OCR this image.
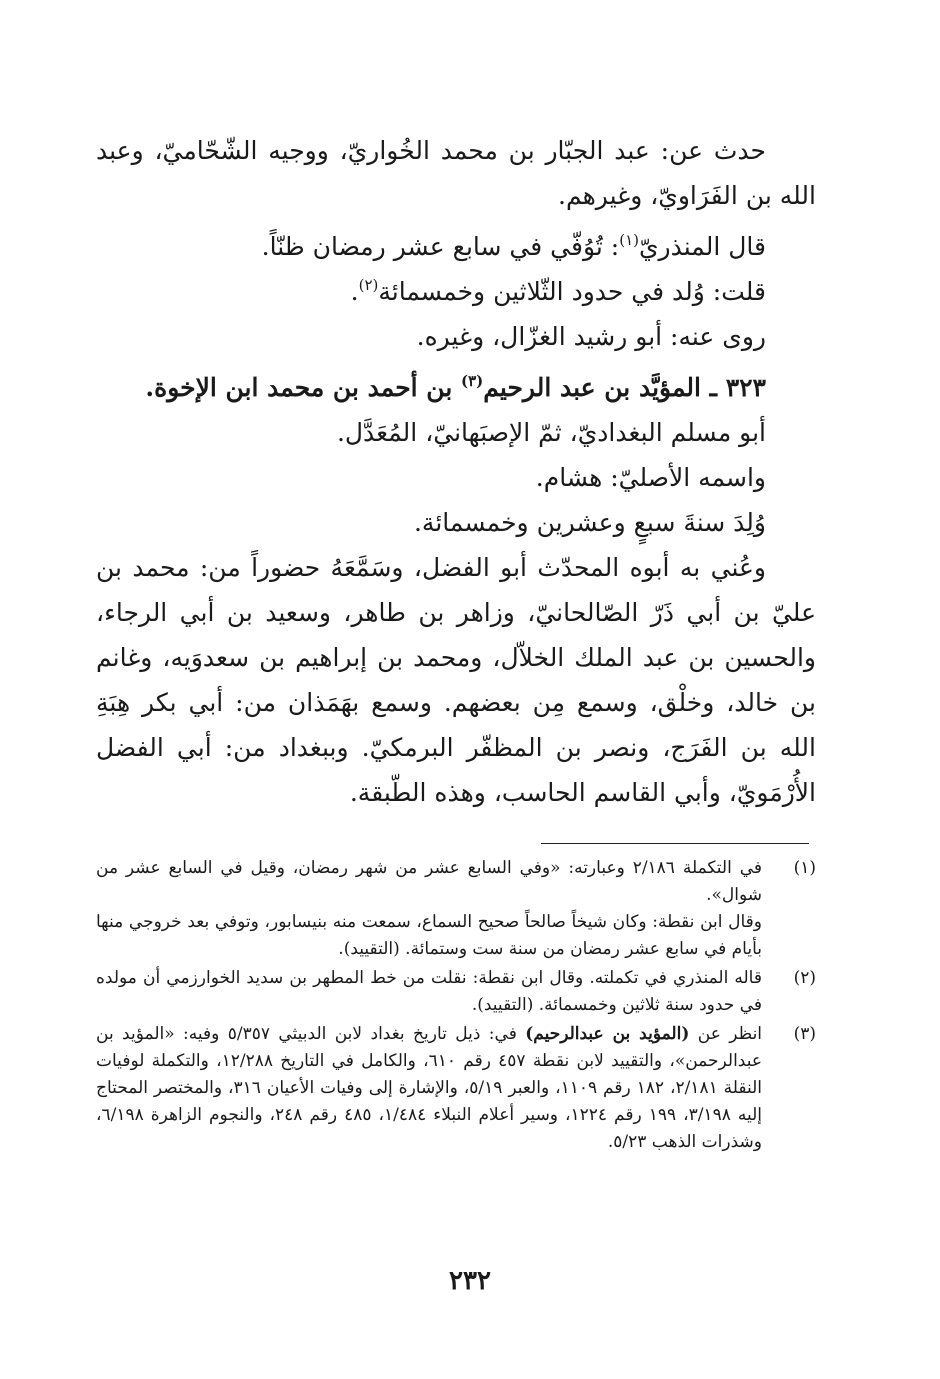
حدث عن: عبد الجبّار بن محمد الخُواريّ، ووجيه الشّحّاميّ، وعبد الله بن الفَرَاويّ، وغيرهم.

قال المنذريّ$^{(١)}$: تُوُفّي في سابع عشر رمضان ظنّاً.

قلت: وُلد في حدود الثّلاثين وخمسمائة$^{(٢)}$.

روى عنه: أبو رشيد الغزّال، وغيره.

٣٢٣ ـ المؤيَّد بن عبد الرحيم$^{(٣)}$ بن أحمد بن محمد ابن الإخوة.

أبو مسلم البغداديّ، ثمّ الإصبَهانيّ، المُعَدَّل.

واسمه الأصليّ: هشام.

وُلِدَ سنةَ سبعٍ وعشرين وخمسمائة.

وعُني به أبوه المحدّث أبو الفضل، وسَمَّعَهُ حضوراً من: محمد بن عليّ بن أبي ذَرّ الصّالحانيّ، وزاهر بن طاهر، وسعيد بن أبي الرجاء، والحسين بن عبد الملك الخلاّل، ومحمد بن إبراهيم بن سعدوَيه، وغانم بن خالد، وخلْق، وسمع مِن بعضهم. وسمع بهَمَذان من: أبي بكر هِبَةِ الله بن الفَرَج، ونصر بن المظفّر البرمكيّ. وببغداد من: أبي الفضل الأُرْمَويّ، وأبي القاسم الحاسب، وهذه الطّبقة.

(١)

في التكملة ٢/١٨٦ وعبارته: «وفي السابع عشر من شهر رمضان، وقيل في السابع عشر من شوال».

وقال ابن نقطة: وكان شيخاً صالحاً صحيح السماع، سمعت منه بنيسابور، وتوفي بعد خروجي منها بأيام في سابع عشر رمضان من سنة ست وستمائة. (التقييد).

(٢)

قاله المنذري في تكملته. وقال ابن نقطة: نقلت من خط المطهر بن سديد الخوارزمي أن مولده في حدود سنة ثلاثين وخمسمائة. (التقييد).

(٣)

انظر عن (المؤيد بن عبدالرحيم) في: ذيل تاريخ بغداد لابن الدبيثي ٥/٣٥٧ وفيه: «المؤيد بن عبدالرحمن»، والتقييد لابن نقطة ٤٥٧ رقم ٦١٠، والكامل في التاريخ ١٢/٢٨٨، والتكملة لوفيات النقلة ٢/١٨١، ١٨٢ رقم ١١٠٩، والعبر ٥/١٩، والإشارة إلى وفيات الأعيان ٣١٦، والمختصر المحتاج إليه ٣/١٩٨، ١٩٩ رقم ١٢٢٤، وسير أعلام النبلاء ١/٤٨٤، ٤٨٥ رقم ٢٤٨، والنجوم الزاهرة ٦/١٩٨، وشذرات الذهب ٥/٢٣.

٢٣٢
